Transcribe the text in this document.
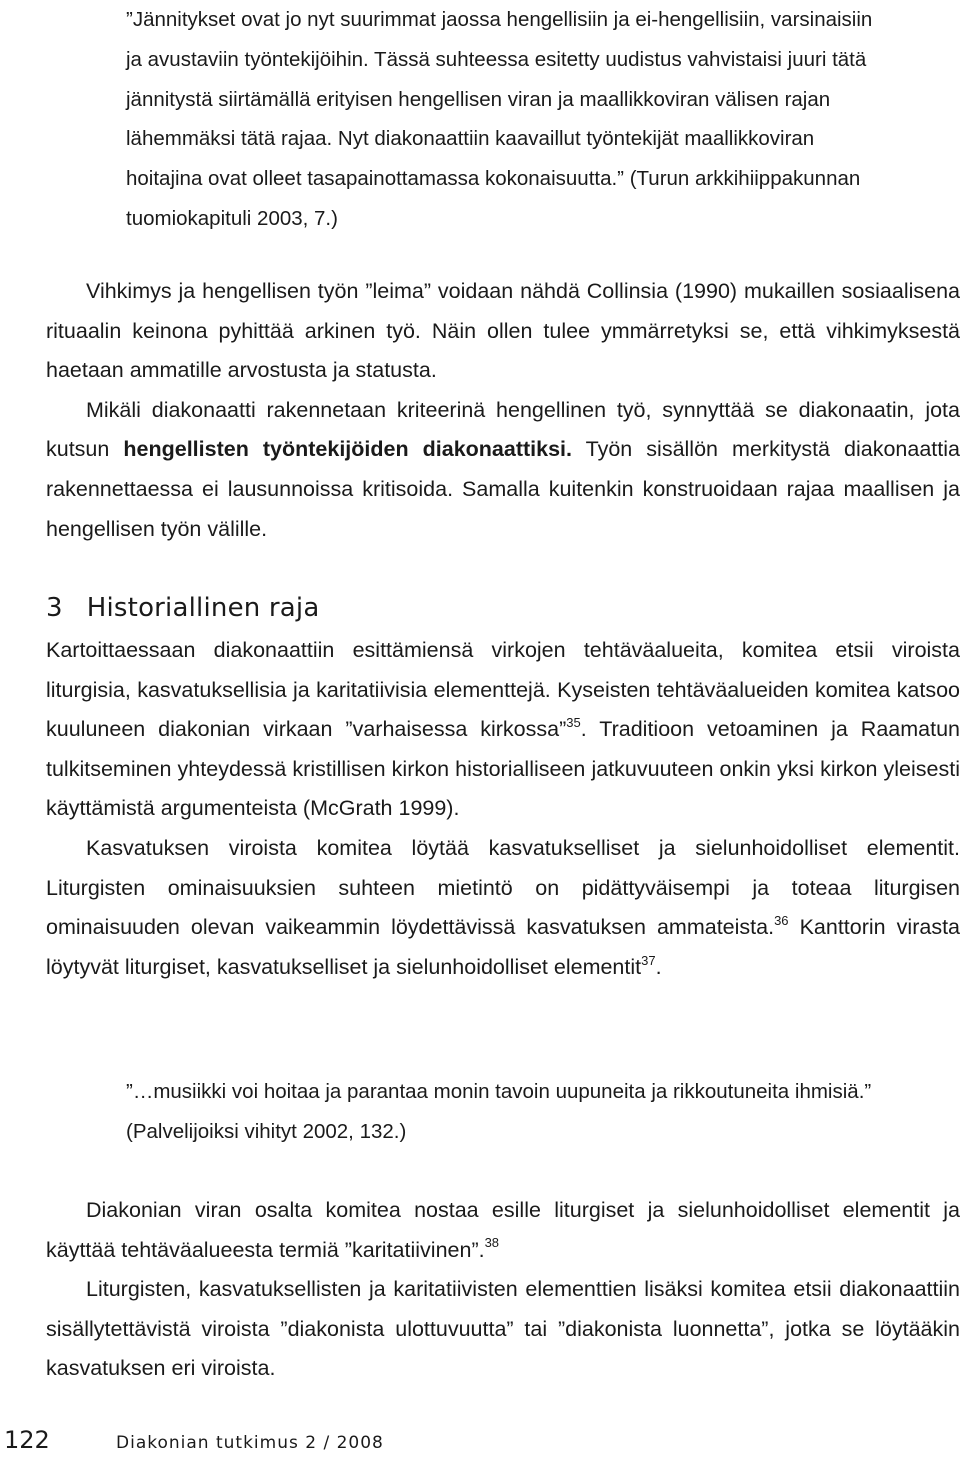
”Jännitykset ovat jo nyt suurimmat jaossa hengellisiin ja ei-hengellisiin, varsinaisiin ja avustaviin työntekijöihin. Tässä suhteessa esitetty uudistus vahvistaisi juuri tätä jännitystä siirtämällä erityisen hengellisen viran ja maallikkoviran välisen rajan lähemmäksi tätä rajaa. Nyt diakonaattiin kaavaillut työntekijät maallikkoviran hoitajina ovat olleet tasapainottamassa kokonaisuutta.” (Turun arkkihiippakunnan tuomiokapituli 2003, 7.)

Vihkimys ja hengellisen työn ”leima” voidaan nähdä Collinsia (1990) mukaillen sosiaalisena rituaalin keinona pyhittää arkinen työ. Näin ollen tulee ymmärretyksi se, että vihkimyksestä haetaan ammatille arvostusta ja statusta.

Mikäli diakonaatti rakennetaan kriteerinä hengellinen työ, synnyttää se diakonaatin, jota kutsun hengellisten työntekijöiden diakonaattiksi. Työn sisällön merkitystä diakonaattia rakennettaessa ei lausunnoissa kritisoida. Samalla kuitenkin konstruoidaan rajaa maallisen ja hengellisen työn välille.

3 Historiallinen raja

Kartoittaessaan diakonaattiin esittämiensä virkojen tehtäväalueita, komitea etsii viroista liturgisia, kasvatuksellisia ja karitatiivisia elementtejä. Kyseisten tehtäväalueiden komitea katsoo kuuluneen diakonian virkaan ”varhaisessa kirkossa”$^{35}$. Traditioon vetoaminen ja Raamatun tulkitseminen yhteydessä kristillisen kirkon historialliseen jatkuvuuteen onkin yksi kirkon yleisesti käyttämistä argumenteista (McGrath 1999).

Kasvatuksen viroista komitea löytää kasvatukselliset ja sielunhoidolliset elementit. Liturgisten ominaisuuksien suhteen mietintö on pidättyväisempi ja toteaa liturgisen ominaisuuden olevan vaikeammin löydettävissä kasvatuksen ammateista.$^{36}$ Kanttorin virasta löytyvät liturgiset, kasvatukselliset ja sielunhoidolliset elementit$^{37}$.

”…musiikki voi hoitaa ja parantaa monin tavoin uupuneita ja rikkoutuneita ihmisiä.” (Palvelijoiksi vihityt 2002, 132.)

Diakonian viran osalta komitea nostaa esille liturgiset ja sielunhoidolliset elementit ja käyttää tehtäväalueesta termiä ”karitatiivinen”.$^{38}$

Liturgisten, kasvatuksellisten ja karitatiivisten elementtien lisäksi komitea etsii diakonaattiin sisällytettävistä viroista ”diakonista ulottuvuutta” tai ”diakonista luonnetta”, jotka se löytääkin kasvatuksen eri viroista.

122	Diakonian tutkimus 2 / 2008
